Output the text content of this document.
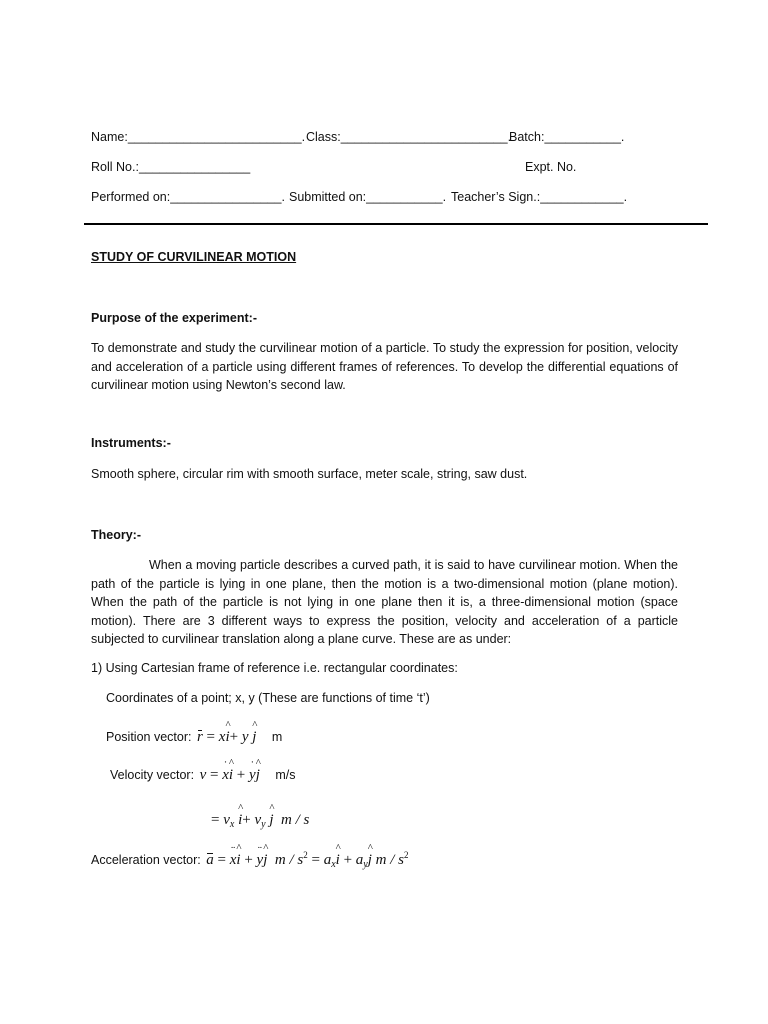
Name:_________________________. Class:________________________.
Batch:___________.
Roll No.:________________	Expt. No.
Performed on:________________. Submitted on:___________. Teacher’s Sign.:____________.
STUDY OF CURVILINEAR MOTION
Purpose of the experiment:-
To demonstrate and study the curvilinear motion of a particle. To study the expression for position, velocity and acceleration of a particle using different frames of references. To develop the differential equations of curvilinear motion using Newton’s second law.
Instruments:-
Smooth sphere, circular rim with smooth surface, meter scale, string, saw dust.
Theory:-
When a moving particle describes a curved path, it is said to have curvilinear motion. When the path of the particle is lying in one plane, then the motion is a two-dimensional motion (plane motion). When the path of the particle is not lying in one plane then it is, a three-dimensional motion (space motion). There are 3 different ways to express the position, velocity and acceleration of a particle subjected to curvilinear translation along a plane curve. These are as under:
1) Using Cartesian frame of reference i.e. rectangular coordinates:
Coordinates of a point; x, y (These are functions of time ‘t’)
Position vector: r = x^ i+ y ^ j m
Velocity vector: v = ˙ x^ i + ˙ y^ j m/s
= $v_x$ ^ $i+ v_y$ ^ j  m / s
Acceleration vector: a = ¨ x^ i + ¨ y^ j  m / $s^2$ = $a_x\^{}$ $i + a_y\^{}$ j m / $s^2$
